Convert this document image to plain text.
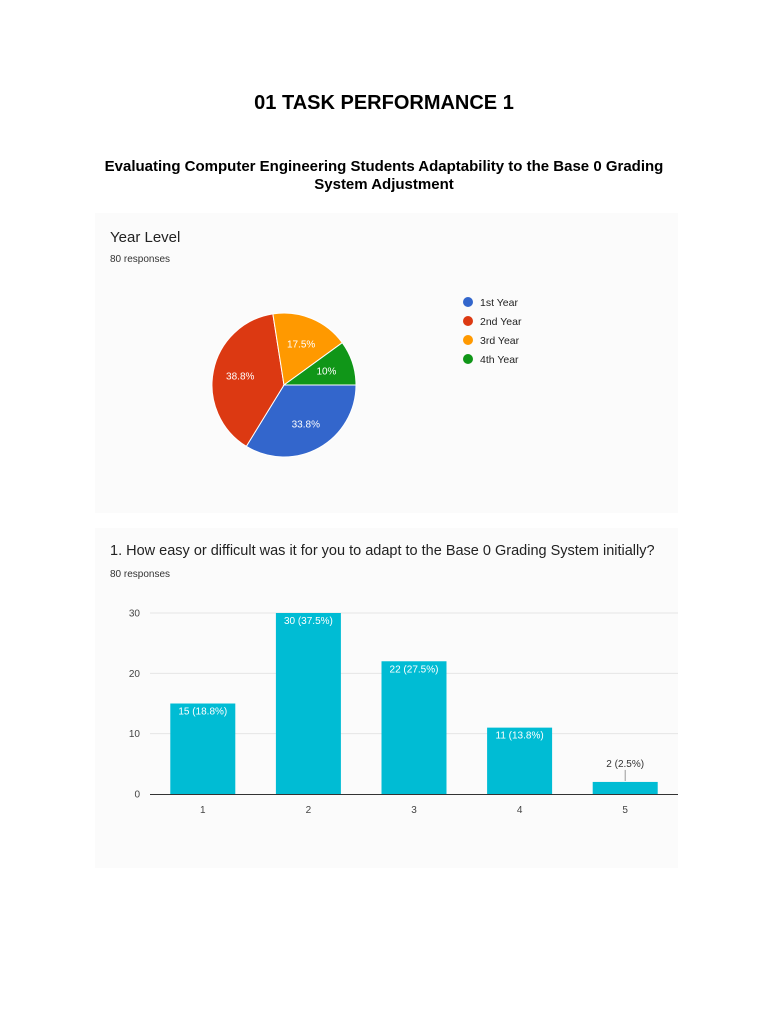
01 TASK PERFORMANCE 1
Evaluating Computer Engineering Students Adaptability to the Base 0 Grading System Adjustment
Year Level
80 responses
33.8%
38.8%
17.5%
10%
1st Year
2nd Year
3rd Year
4th Year
1. How easy or difficult was it for you to adapt to the Base 0 Grading System initially?
80 responses
0
10
20
30
15 (18.8%)
1
30 (37.5%)
2
22 (27.5%)
3
11 (13.8%)
4
2 (2.5%)
5
